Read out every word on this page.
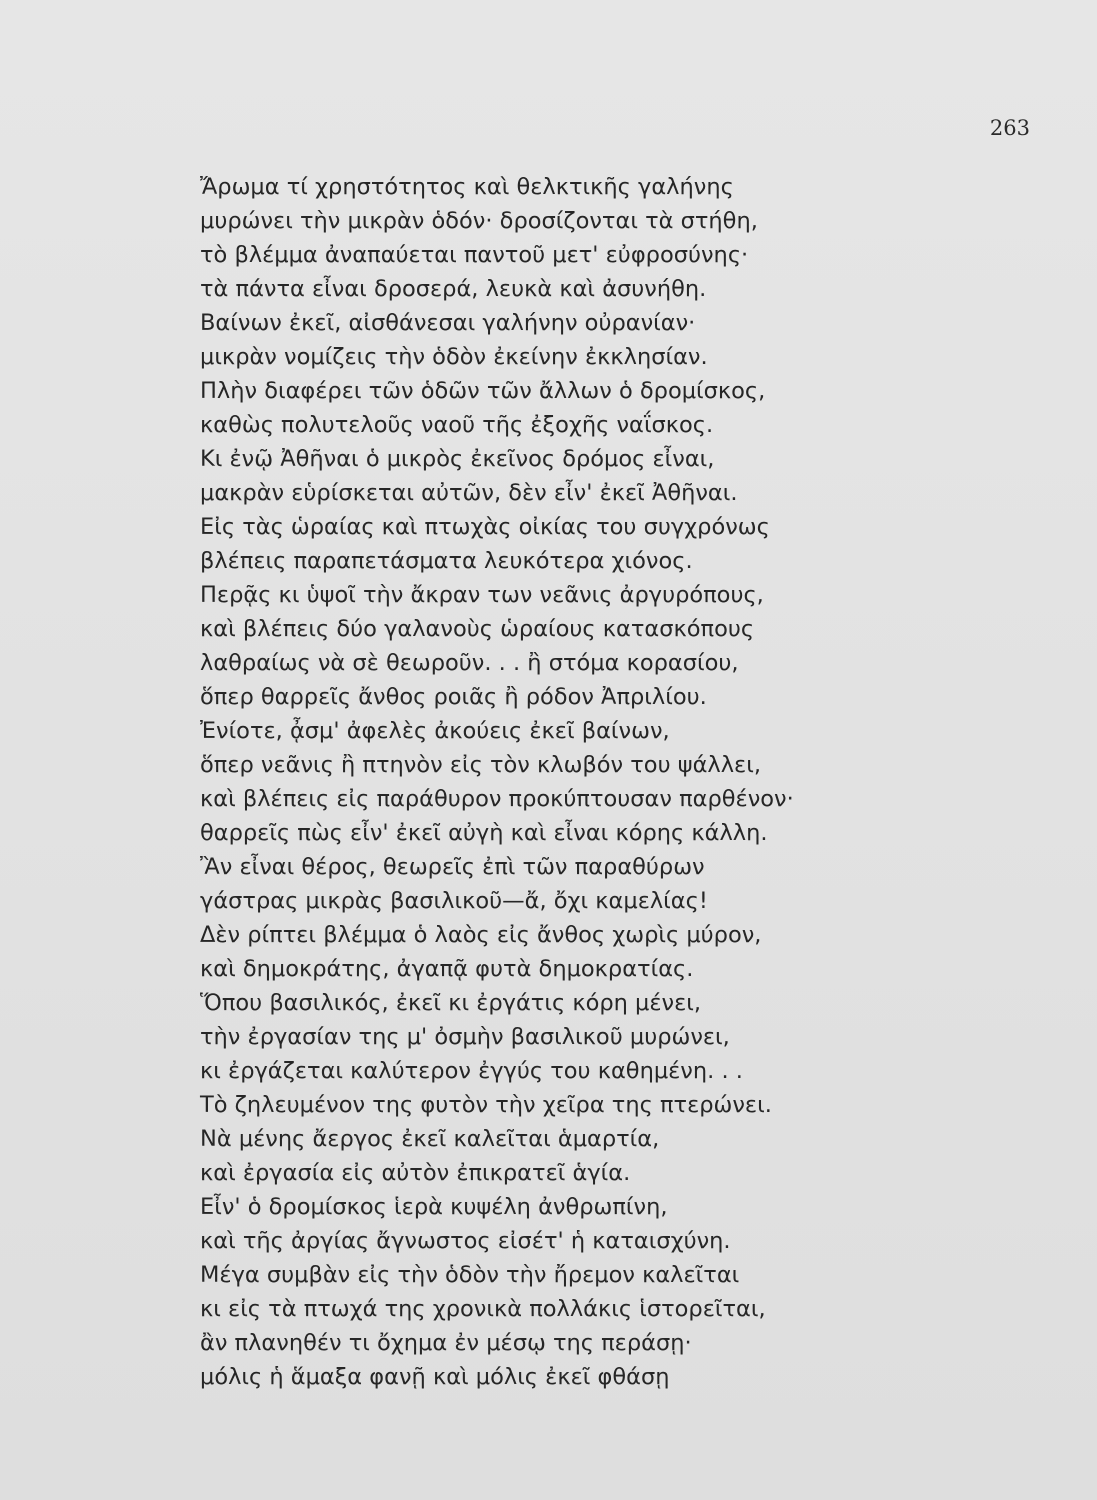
263
Ἄρωμα τί χρηστότητος καὶ θελκτικῆς γαλήνης
μυρώνει τὴν μικρὰν ὁδόν· δροσίζονται τὰ στήθη,
τὸ βλέμμα ἀναπαύεται παντοῦ μετ' εὐφροσύνης·
τὰ πάντα εἶναι δροσερά, λευκὰ καὶ ἀσυνήθη.
Βαίνων ἐκεῖ, αἰσθάνεσαι γαλήνην οὐρανίαν·
μικρὰν νομίζεις τὴν ὁδὸν ἐκείνην ἐκκλησίαν.
Πλὴν διαφέρει τῶν ὁδῶν τῶν ἄλλων ὁ δρομίσκος,
καθὼς πολυτελοῦς ναοῦ τῆς ἐξοχῆς ναΐσκος.
Κι ἐνῷ Ἀθῆναι ὁ μικρὸς ἐκεῖνος δρόμος εἶναι,
μακρὰν εὑρίσκεται αὐτῶν, δὲν εἶν' ἐκεῖ Ἀθῆναι.
Εἰς τὰς ὡραίας καὶ πτωχὰς οἰκίας του συγχρόνως
βλέπεις παραπετάσματα λευκότερα χιόνος.
Περᾷς κι ὑψοῖ τὴν ἄκραν των νεᾶνις ἀργυρόπους,
καὶ βλέπεις δύο γαλανοὺς ὡραίους κατασκόπους
λαθραίως νὰ σὲ θεωροῦν. . . ἢ στόμα κορασίου,
ὅπερ θαρρεῖς ἄνθος ροιᾶς ἢ ρόδον Ἀπριλίου.
Ἐνίοτε, ᾆσμ' ἀφελὲς ἀκούεις ἐκεῖ βαίνων,
ὅπερ νεᾶνις ἢ πτηνὸν εἰς τὸν κλωβόν του ψάλλει,
καὶ βλέπεις εἰς παράθυρον προκύπτουσαν παρθένον·
θαρρεῖς πὼς εἶν' ἐκεῖ αὐγὴ καὶ εἶναι κόρης κάλλη.
Ἂν εἶναι θέρος, θεωρεῖς ἐπὶ τῶν παραθύρων
γάστρας μικρὰς βασιλικοῦ—ἄ, ὄχι καμελίας!
Δὲν ρίπτει βλέμμα ὁ λαὸς εἰς ἄνθος χωρὶς μύρον,
καὶ δημοκράτης, ἀγαπᾷ φυτὰ δημοκρατίας.
Ὅπου βασιλικός, ἐκεῖ κι ἐργάτις κόρη μένει,
τὴν ἐργασίαν της μ' ὀσμὴν βασιλικοῦ μυρώνει,
κι ἐργάζεται καλύτερον ἐγγύς του καθημένη. . .
Τὸ ζηλευμένον της φυτὸν τὴν χεῖρα της πτερώνει.
Νὰ μένης ἄεργος ἐκεῖ καλεῖται ἁμαρτία,
καὶ ἐργασία εἰς αὐτὸν ἐπικρατεῖ ἁγία.
Εἶν' ὁ δρομίσκος ἱερὰ κυψέλη ἀνθρωπίνη,
καὶ τῆς ἀργίας ἄγνωστος εἰσέτ' ἡ καταισχύνη.
Μέγα συμβὰν εἰς τὴν ὁδὸν τὴν ἤρεμον καλεῖται
κι εἰς τὰ πτωχά της χρονικὰ πολλάκις ἱστορεῖται,
ἂν πλανηθέν τι ὄχημα ἐν μέσῳ της περάσῃ·
μόλις ἡ ἅμαξα φανῇ καὶ μόλις ἐκεῖ φθάσῃ
